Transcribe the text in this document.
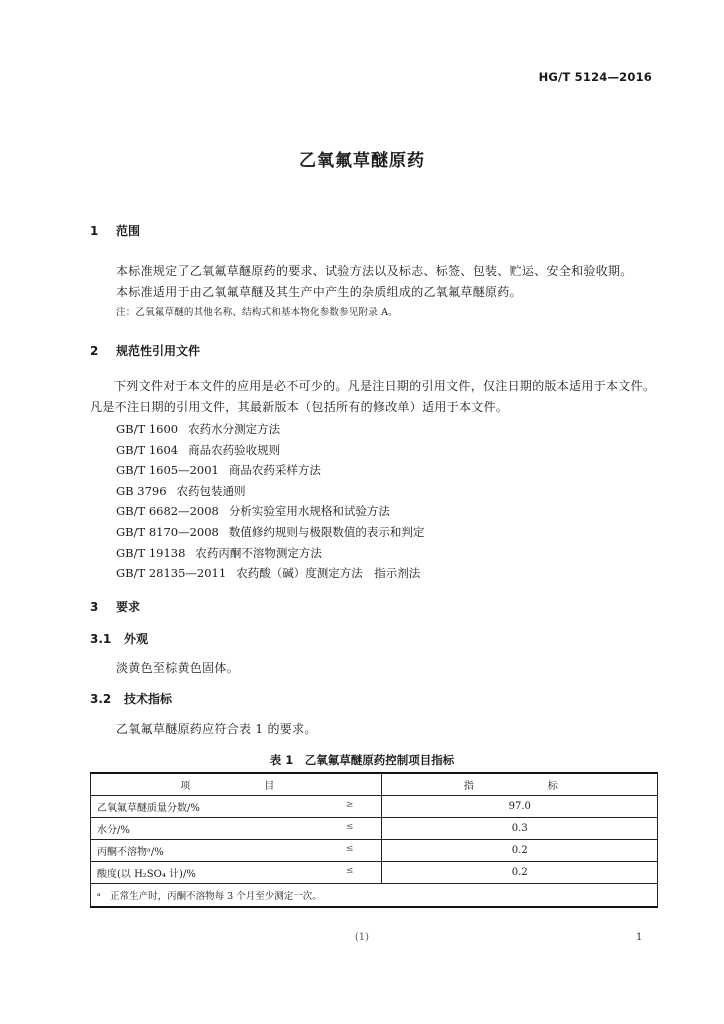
HG/T 5124—2016
乙氧氟草醚原药
1 范围
本标准规定了乙氧氟草醚原药的要求、试验方法以及标志、标签、包装、贮运、安全和验收期。
本标准适用于由乙氧氟草醚及其生产中产生的杂质组成的乙氧氟草醚原药。
注：乙氧氟草醚的其他名称、结构式和基本物化参数参见附录 A。
2 规范性引用文件
下列文件对于本文件的应用是必不可少的。凡是注日期的引用文件，仅注日期的版本适用于本文件。凡是不注日期的引用文件，其最新版本（包括所有的修改单）适用于本文件。
GB/T 1600 农药水分测定方法
GB/T 1604 商品农药验收规则
GB/T 1605—2001 商品农药采样方法
GB 3796 农药包装通则
GB/T 6682—2008 分析实验室用水规格和试验方法
GB/T 8170—2008 数值修约规则与极限数值的表示和判定
GB/T 19138 农药丙酮不溶物测定方法
GB/T 28135—2011 农药酸（碱）度测定方法　指示剂法
3 要求
3.1 外观
淡黄色至棕黄色固体。
3.2 技术指标
乙氧氟草醚原药应符合表 1 的要求。
表 1　乙氧氟草醚原药控制项目指标
项　　目	指　　标
乙氧氟草醚质量分数/% ≥	97.0
水分/% ≤	0.3
丙酮不溶物ᵃ/% ≤	0.2
酸度(以 H₂SO₄ 计)/% ≤	0.2
ᵃ　正常生产时，丙酮不溶物每 3 个月至少测定一次。	
(1)	1
